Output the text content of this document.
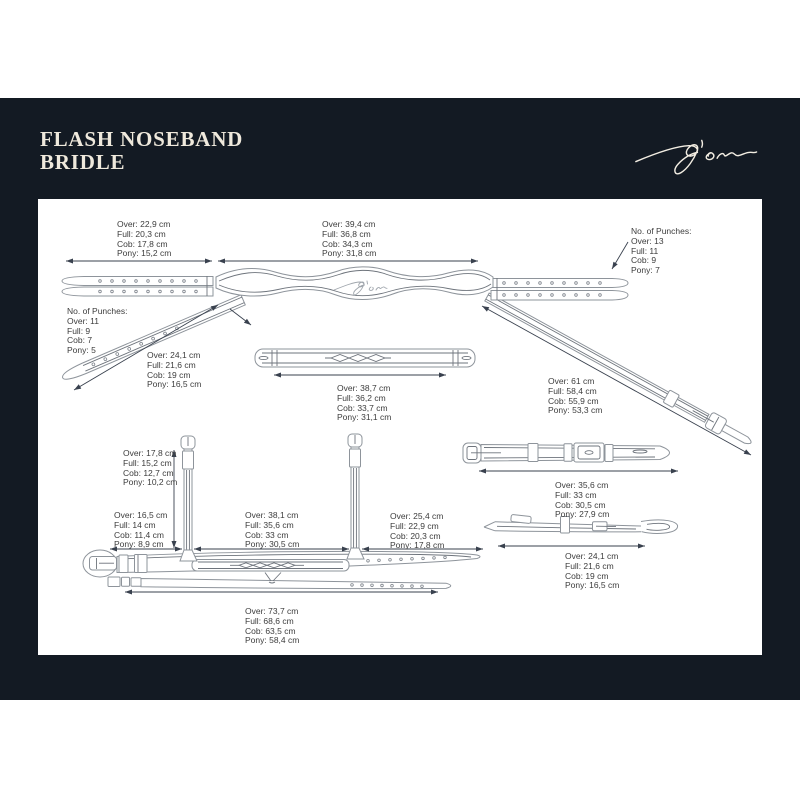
FLASH NOSEBAND
BRIDLE
Over: 22,9 cm
Full: 20,3 cm
Cob: 17,8 cm
Pony: 15,2 cm
Over: 39,4 cm
Full: 36,8 cm
Cob: 34,3 cm
Pony: 31,8 cm
No. of Punches:
Over: 13
Full: 11
Cob: 9
Pony: 7
No. of Punches:
Over: 11
Full: 9
Cob: 7
Pony: 5	Over: 24,1 cm
Full: 21,6 cm
Cob: 19 cm
Pony: 16,5 cm	Over: 38,7 cm
Full: 36,2 cm
Cob: 33,7 cm
Pony: 31,1 cm
Over: 61 cm
Full: 58,4 cm
Cob: 55,9 cm
Pony: 53,3 cm
Over: 17,8 cm
Full: 15,2 cm
Cob: 12,7 cm
Pony: 10,2 cm
Over: 16,5 cm
Full: 14 cm
Cob: 11,4 cm
Pony: 8,9 cm
Over: 38,1 cm
Full: 35,6 cm
Cob: 33 cm
Pony: 30,5 cm
Over: 25,4 cm
Full: 22,9 cm
Cob: 20,3 cm
Pony: 17,8 cm
Over: 35,6 cm
Full: 33 cm
Cob: 30,5 cm
Pony: 27,9 cm
Over: 24,1 cm
Full: 21,6 cm
Cob: 19 cm
Pony: 16,5 cm
Over: 73,7 cm
Full: 68,6 cm
Cob: 63,5 cm
Pony: 58,4 cm
